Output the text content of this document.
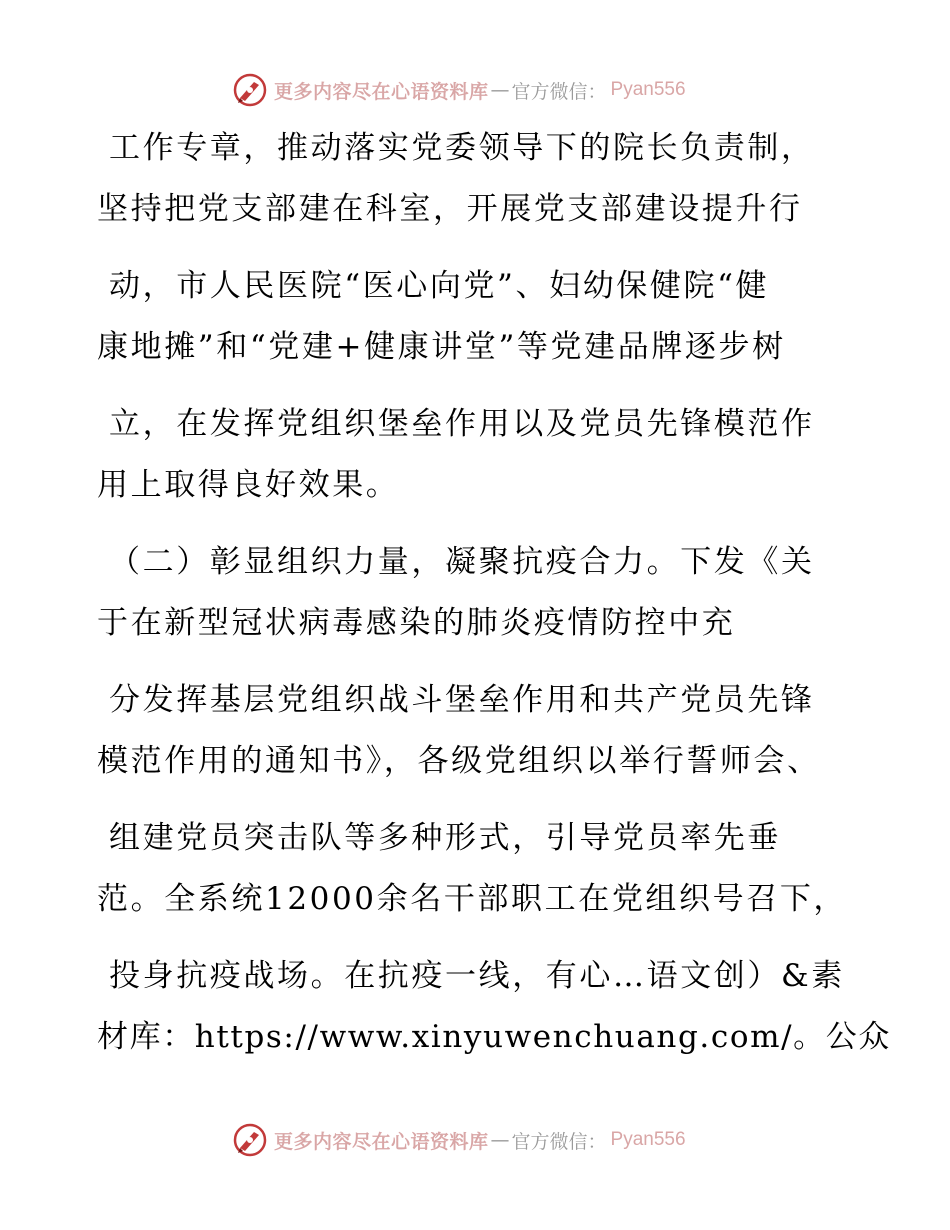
更多内容尽在心语资料库 — 官方微信： Pyan556
工作专章，推动落实党委领导下的院长负责制，
坚持把党支部建在科室，开展党支部建设提升行
动，市人民医院“医心向党”、妇幼保健院“健
康地摊”和“党建+健康讲堂”等党建品牌逐步树
立，在发挥党组织堡垒作用以及党员先锋模范作
用上取得良好效果。
（二）彰显组织力量，凝聚抗疫合力。下发《关
于在新型冠状病毒感染的肺炎疫情防控中充
分发挥基层党组织战斗堡垒作用和共产党员先锋
模范作用的通知书》，各级党组织以举行誓师会、
组建党员突击队等多种形式，引导党员率先垂
范。全系统12000余名干部职工在党组织号召下，
投身抗疫战场。在抗疫一线，有心…语文创）&素
材库：https://www.xinyuwenchuang.com/。公众
更多内容尽在心语资料库 — 官方微信： Pyan556
